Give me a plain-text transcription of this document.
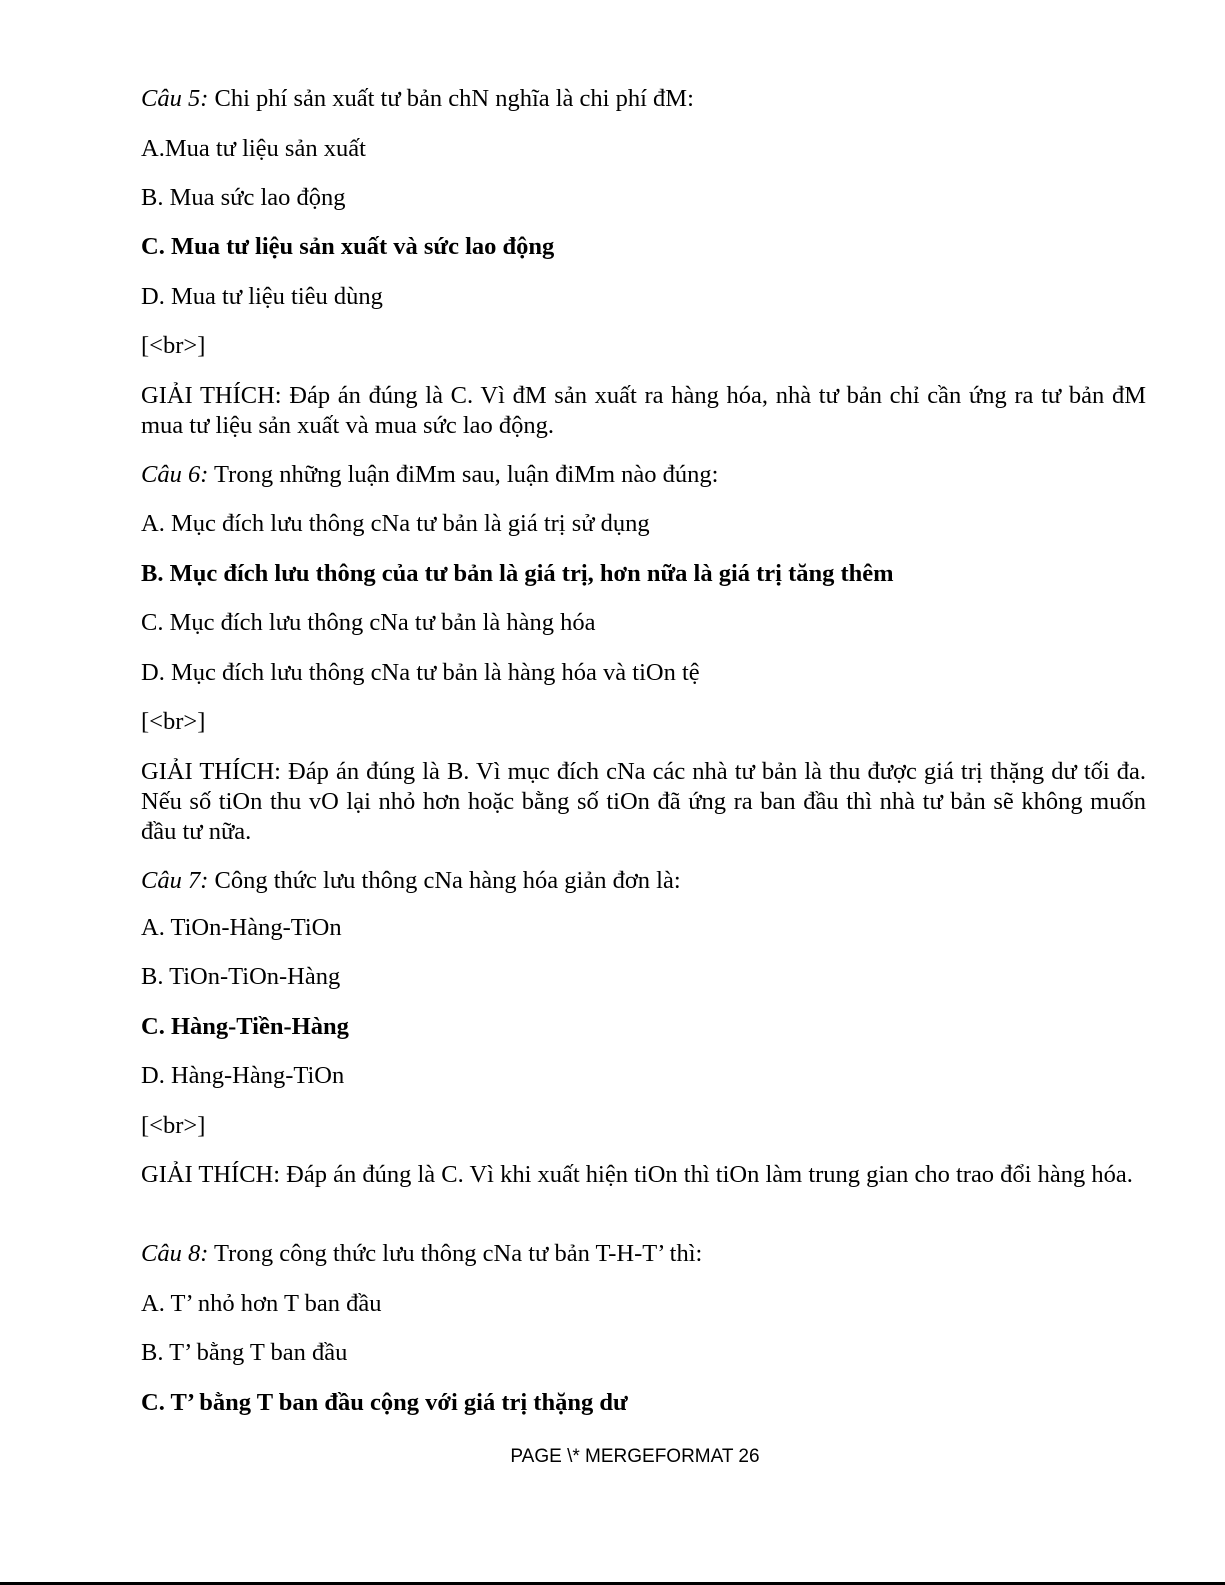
Câu 5: Chi phí sản xuất tư bản chN nghĩa là chi phí đM:
A.Mua tư liệu sản xuất
B. Mua sức lao động
C. Mua tư liệu sản xuất và sức lao động
D. Mua tư liệu tiêu dùng
[<br>]
GIẢI THÍCH: Đáp án đúng là C. Vì đM sản xuất ra hàng hóa, nhà tư bản chỉ cần ứng ra tư bản đM mua tư liệu sản xuất và mua sức lao động.
Câu 6: Trong những luận điMm sau, luận điMm nào đúng:
A. Mục đích lưu thông cNa tư bản là giá trị sử dụng
B. Mục đích lưu thông của tư bản là giá trị, hơn nữa là giá trị tăng thêm
C. Mục đích lưu thông cNa tư bản là hàng hóa
D. Mục đích lưu thông cNa tư bản là hàng hóa và tiOn tệ
[<br>]
GIẢI THÍCH: Đáp án đúng là B. Vì mục đích cNa các nhà tư bản là thu được giá trị thặng dư tối đa. Nếu số tiOn thu vO lại nhỏ hơn hoặc bằng số tiOn đã ứng ra ban đầu thì nhà tư bản sẽ không muốn đầu tư nữa.
Câu 7: Công thức lưu thông cNa hàng hóa giản đơn là:
A. TiOn-Hàng-TiOn
B. TiOn-TiOn-Hàng
C. Hàng-Tiền-Hàng
D. Hàng-Hàng-TiOn
[<br>]
GIẢI THÍCH: Đáp án đúng là C. Vì khi xuất hiện tiOn thì tiOn làm trung gian cho trao đổi hàng hóa.
Câu 8: Trong công thức lưu thông cNa tư bản T-H-T’ thì:
A. T’ nhỏ hơn T ban đầu
B. T’ bằng T ban đầu
C. T’ bằng T ban đầu cộng với giá trị thặng dư
PAGE \* MERGEFORMAT 26
